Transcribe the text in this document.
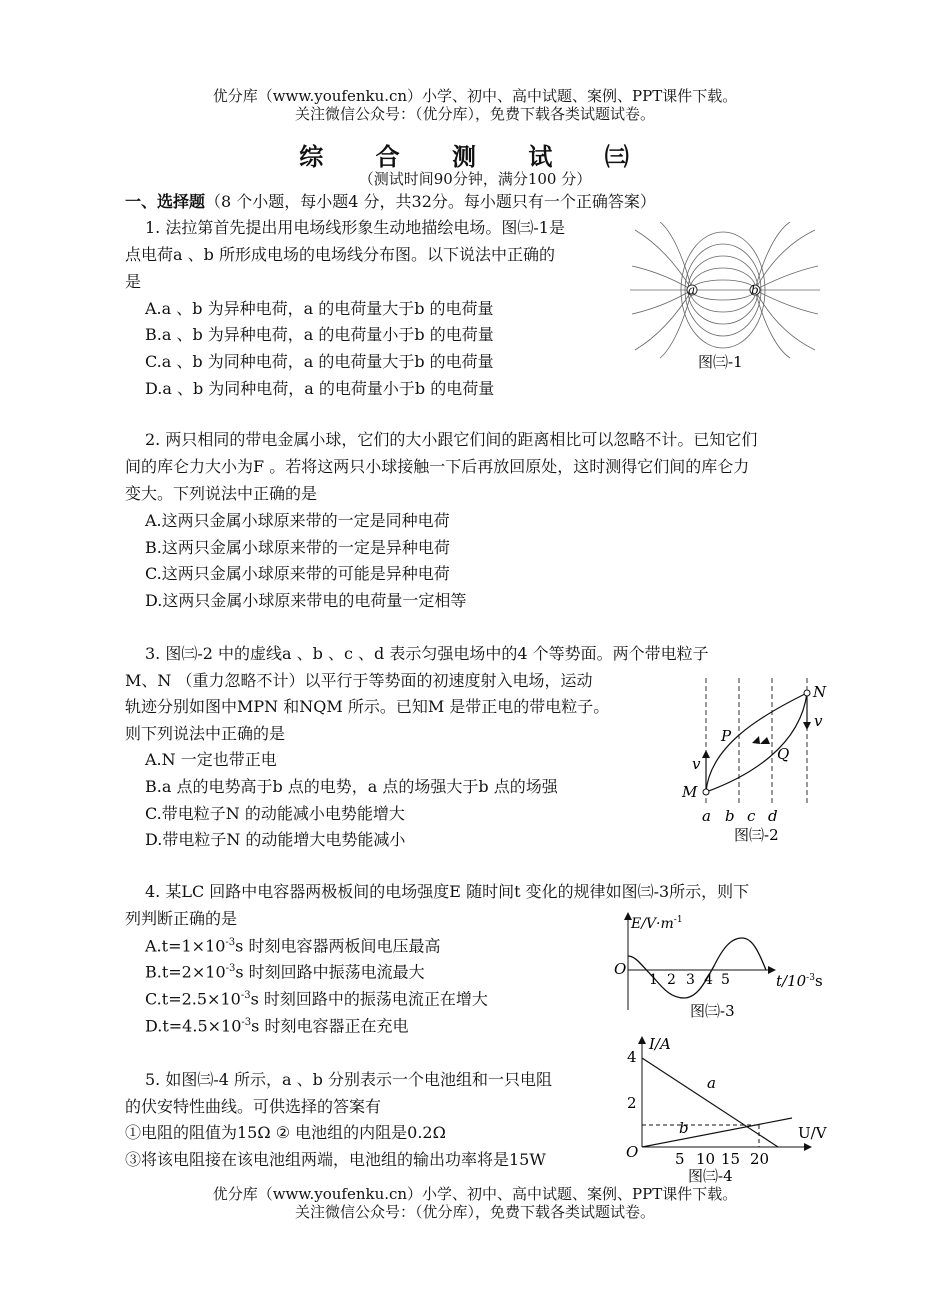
优分库（www.youfenku.cn）小学、初中、高中试题、案例、PPT课件下载。
关注微信公众号：（优分库），免费下载各类试题试卷。
综 合 测 试 ㈢
（测试时间90分钟，满分100 分）
一、选择题（8 个小题，每小题4 分，共32分。每小题只有一个正确答案）
1. 法拉第首先提出用电场线形象生动地描绘电场。图㈢-1是
点电荷a 、b 所形成电场的电场线分布图。以下说法中正确的
是
A.a 、b 为异种电荷，a 的电荷量大于b 的电荷量
B.a 、b 为异种电荷，a 的电荷量小于b 的电荷量
C.a 、b 为同种电荷，a 的电荷量大于b 的电荷量
D.a 、b 为同种电荷，a 的电荷量小于b 的电荷量
a	b
图㈢-1
2. 两只相同的带电金属小球，它们的大小跟它们间的距离相比可以忽略不计。已知它们
间的库仑力大小为F 。若将这两只小球接触一下后再放回原处，这时测得它们间的库仑力
变大。下列说法中正确的是
A.这两只金属小球原来带的一定是同种电荷
B.这两只金属小球原来带的一定是异种电荷
C.这两只金属小球原来带的可能是异种电荷
D.这两只金属小球原来带电的电荷量一定相等
3. 图㈢-2 中的虚线a 、b 、c 、d 表示匀强电场中的4 个等势面。两个带电粒子
M、N （重力忽略不计）以平行于等势面的初速度射入电场，运动
轨迹分别如图中MPN 和NQM 所示。已知M 是带正电的带电粒子。
则下列说法中正确的是
A.N 一定也带正电
B.a 点的电势高于b 点的电势，a 点的场强大于b 点的场强
C.带电粒子N 的动能减小电势能增大
D.带电粒子N 的动能增大电势能减小
M
N
P
Q
v
v
a b c d
图㈢-2
4. 某LC 回路中电容器两极板间的电场强度E 随时间t 变化的规律如图㈢-3所示，则下
列判断正确的是
$A.t=1\times 10^{-3}s$ 时刻电容器两板间电压最高
$B.t=2\times 10^{-3}s$ 时刻回路中振荡电流最大
$C.t=2.5\times 10^{-3}s$ 时刻回路中的振荡电流正在增大
$D.t=4.5\times 10^{-3}s$ 时刻电容器正在充电
$E/V\cdot m^{-1}$
O
1 2 3 4 5	$t/10^{-3}s$
图㈢-3
5. 如图㈢-4 所示，a 、b 分别表示一个电池组和一只电阻
的伏安特性曲线。可供选择的答案有
①电阻的阻值为15Ω ② 电池组的内阻是0.2Ω
③将该电阻接在该电池组两端，电池组的输出功率将是15W
I/A
4
2
a
b	U/V
O 5 10 15 20
图㈢-4
优分库（www.youfenku.cn）小学、初中、高中试题、案例、PPT课件下载。
关注微信公众号：（优分库），免费下载各类试题试卷。
